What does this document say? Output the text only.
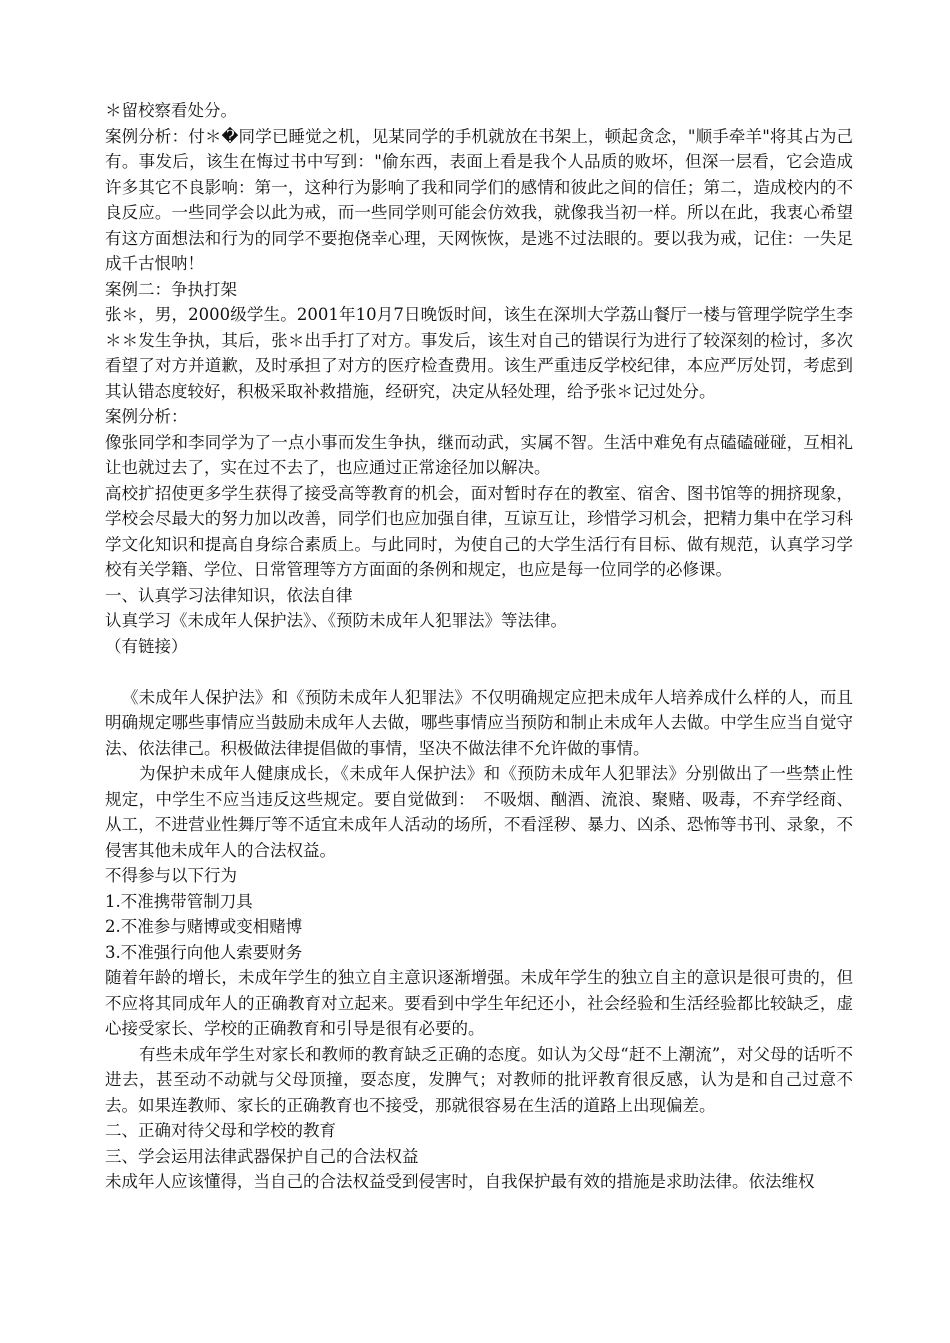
＊留校察看处分。

案例分析：付＊�同学已睡觉之机，见某同学的手机就放在书架上，顿起贪念，"顺手牵羊"将其占为己有。事发后，该生在悔过书中写到："偷东西，表面上看是我个人品质的败坏，但深一层看，它会造成许多其它不良影响：第一，这种行为影响了我和同学们的感情和彼此之间的信任；第二，造成校内的不良反应。一些同学会以此为戒，而一些同学则可能会仿效我，就像我当初一样。所以在此，我衷心希望有这方面想法和行为的同学不要抱侥幸心理，天网恢恢，是逃不过法眼的。要以我为戒，记住：一失足成千古恨呐！

案例二：争执打架

张＊，男，2000级学生。2001年10月7日晚饭时间，该生在深圳大学荔山餐厅一楼与管理学院学生李＊＊发生争执，其后，张＊出手打了对方。事发后，该生对自己的错误行为进行了较深刻的检讨，多次看望了对方并道歉，及时承担了对方的医疗检查费用。该生严重违反学校纪律，本应严厉处罚，考虑到其认错态度较好，积极采取补救措施，经研究，决定从轻处理，给予张＊记过处分。

案例分析：

像张同学和李同学为了一点小事而发生争执，继而动武，实属不智。生活中难免有点磕磕碰碰，互相礼让也就过去了，实在过不去了，也应通过正常途径加以解决。

高校扩招使更多学生获得了接受高等教育的机会，面对暂时存在的教室、宿舍、图书馆等的拥挤现象，学校会尽最大的努力加以改善，同学们也应加强自律，互谅互让，珍惜学习机会，把精力集中在学习科学文化知识和提高自身综合素质上。与此同时，为使自己的大学生活行有目标、做有规范，认真学习学校有关学籍、学位、日常管理等方方面面的条例和规定，也应是每一位同学的必修课。

一、认真学习法律知识，依法自律

认真学习《未成年人保护法》、《预防未成年人犯罪法》等法律。

（有链接）

《未成年人保护法》和《预防未成年人犯罪法》不仅明确规定应把未成年人培养成什么样的人，而且明确规定哪些事情应当鼓励未成年人去做，哪些事情应当预防和制止未成年人去做。中学生应当自觉守法、依法律己。积极做法律提倡做的事情，坚决不做法律不允许做的事情。

为保护未成年人健康成长，《未成年人保护法》和《预防未成年人犯罪法》分别做出了一些禁止性规定，中学生不应当违反这些规定。要自觉做到：　不吸烟、酗酒、流浪、聚赌、吸毒，不弃学经商、从工，不进营业性舞厅等不适宜未成年人活动的场所，不看淫秽、暴力、凶杀、恐怖等书刊、录象，不侵害其他未成年人的合法权益。

不得参与以下行为

1.不准携带管制刀具

2.不准参与赌博或变相赌博

3.不准强行向他人索要财务

随着年龄的增长，未成年学生的独立自主意识逐渐增强。未成年学生的独立自主的意识是很可贵的，但不应将其同成年人的正确教育对立起来。要看到中学生年纪还小，社会经验和生活经验都比较缺乏，虚心接受家长、学校的正确教育和引导是很有必要的。

有些未成年学生对家长和教师的教育缺乏正确的态度。如认为父母“赶不上潮流”，对父母的话听不进去，甚至动不动就与父母顶撞，耍态度，发脾气；对教师的批评教育很反感，认为是和自己过意不去。如果连教师、家长的正确教育也不接受，那就很容易在生活的道路上出现偏差。

二、正确对待父母和学校的教育

三、学会运用法律武器保护自己的合法权益

未成年人应该懂得，当自己的合法权益受到侵害时，自我保护最有效的措施是求助法律。依法维权
